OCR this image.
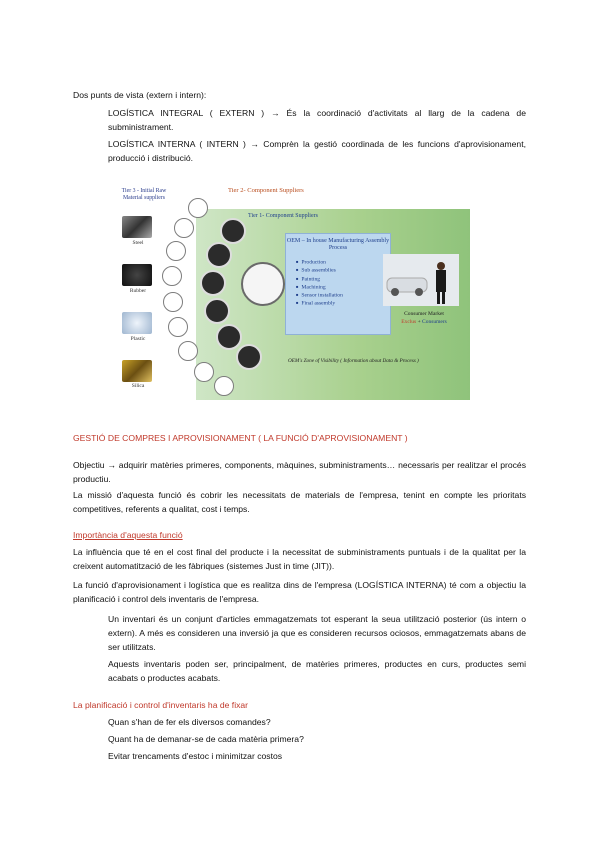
Dos punts de vista (extern i intern):
LOGÍSTICA INTEGRAL ( EXTERN ) → És la coordinació d'activitats al llarg de la cadena de subministrament.
LOGÍSTICA INTERNA ( INTERN ) → Comprèn la gestió coordinada de les funcions d'aprovisionament, producció i distribució.
Tier 3 - Initial Raw Material suppliers
Steel
Rubber
Plastic
Silica
Tier 2- Component Suppliers
Tier 1- Component Suppliers
OEM – In house Manufacturing Assembly Process
■ Production
■ Sub assemblies
■ Painting
■ Machining
■ Sensor installation
■ Final assembly
Consumer Market
Exclus + Consumers
OEM's Zone of Visibility ( Information about Data & Process )
GESTIÓ DE COMPRES I APROVISIONAMENT ( LA FUNCIÓ D'APROVISIONAMENT )
Objectiu → adquirir matèries primeres, components, màquines, subministraments… necessaris per realitzar el procés productiu.
La missió d'aquesta funció és cobrir les necessitats de materials de l'empresa, tenint en compte les prioritats competitives, referents a qualitat, cost i temps.
Importància d'aquesta funció
La influència que té en el cost final del producte i la necessitat de subministraments puntuals i de la qualitat per la creixent automatització de les fàbriques (sistemes Just in time (JIT)).
La funció d'aprovisionament i logística que es realitza dins de l'empresa (LOGÍSTICA INTERNA) té com a objectiu la planificació i control dels inventaris de l'empresa.
Un inventari és un conjunt d'articles emmagatzemats tot esperant la seua utilització posterior (ús intern o extern). A més es consideren una inversió ja que es consideren recursos ociosos, emmagatzemats abans de ser utilitzats.
Aquests inventaris poden ser, principalment, de matèries primeres, productes en curs, productes semi acabats o productes acabats.
La planificació i control d'inventaris ha de fixar
Quan s'han de fer els diversos comandes?
Quant ha de demanar-se de cada matèria primera?
Evitar trencaments d'estoc i minimitzar costos
